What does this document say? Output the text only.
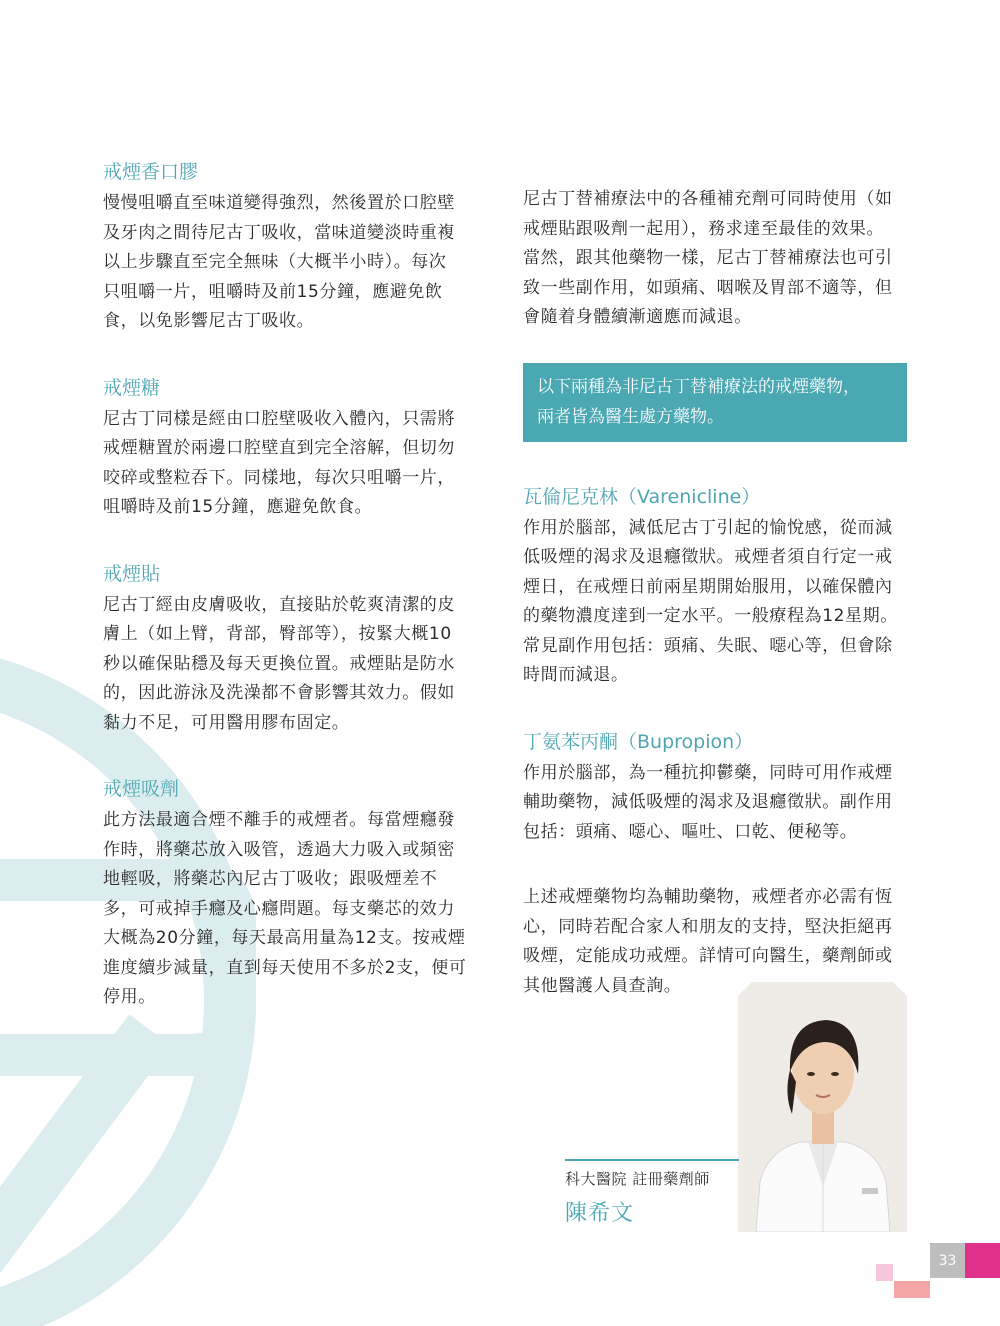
戒煙香口膠

慢慢咀嚼直至味道變得強烈，然後置於口腔壁
及牙肉之間待尼古丁吸收，當味道變淡時重複
以上步驟直至完全無味（大概半小時）。每次
只咀嚼一片，咀嚼時及前15分鐘，應避免飲
食，以免影響尼古丁吸收。

戒煙糖

尼古丁同樣是經由口腔壁吸收入體內，只需將
戒煙糖置於兩邊口腔壁直到完全溶解，但切勿
咬碎或整粒吞下。同樣地，每次只咀嚼一片，
咀嚼時及前15分鐘，應避免飲食。

戒煙貼

尼古丁經由皮膚吸收，直接貼於乾爽清潔的皮
膚上（如上臂，背部，臀部等），按緊大概10
秒以確保貼穩及每天更換位置。戒煙貼是防水
的，因此游泳及洗澡都不會影響其效力。假如
黏力不足，可用醫用膠布固定。

戒煙吸劑

此方法最適合煙不離手的戒煙者。每當煙癮發
作時，將藥芯放入吸管，透過大力吸入或頻密
地輕吸，將藥芯內尼古丁吸收；跟吸煙差不
多，可戒掉手癮及心癮問題。每支藥芯的效力
大概為20分鐘，每天最高用量為12支。按戒煙
進度續步減量，直到每天使用不多於2支，便可
停用。

尼古丁替補療法中的各種補充劑可同時使用（如
戒煙貼跟吸劑一起用），務求達至最佳的效果。
當然，跟其他藥物一樣，尼古丁替補療法也可引
致一些副作用，如頭痛、咽喉及胃部不適等，但
會隨着身體續漸適應而減退。

以下兩種為非尼古丁替補療法的戒煙藥物，
兩者皆為醫生處方藥物。

瓦倫尼克林（Varenicline）

作用於腦部，減低尼古丁引起的愉悅感，從而減
低吸煙的渴求及退癮徵狀。戒煙者須自行定一戒
煙日，在戒煙日前兩星期開始服用，以確保體內
的藥物濃度達到一定水平。一般療程為12星期。
常見副作用包括：頭痛、失眠、噁心等，但會除
時間而減退。

丁氨苯丙酮（Bupropion）

作用於腦部，為一種抗抑鬱藥，同時可用作戒煙
輔助藥物，減低吸煙的渴求及退癮徵狀。副作用
包括：頭痛、噁心、嘔吐、口乾、便秘等。

上述戒煙藥物均為輔助藥物，戒煙者亦必需有恆
心，同時若配合家人和朋友的支持，堅決拒絕再
吸煙，定能成功戒煙。詳情可向醫生，藥劑師或
其他醫護人員查詢。

科大醫院 註冊藥劑師
陳希文
33
